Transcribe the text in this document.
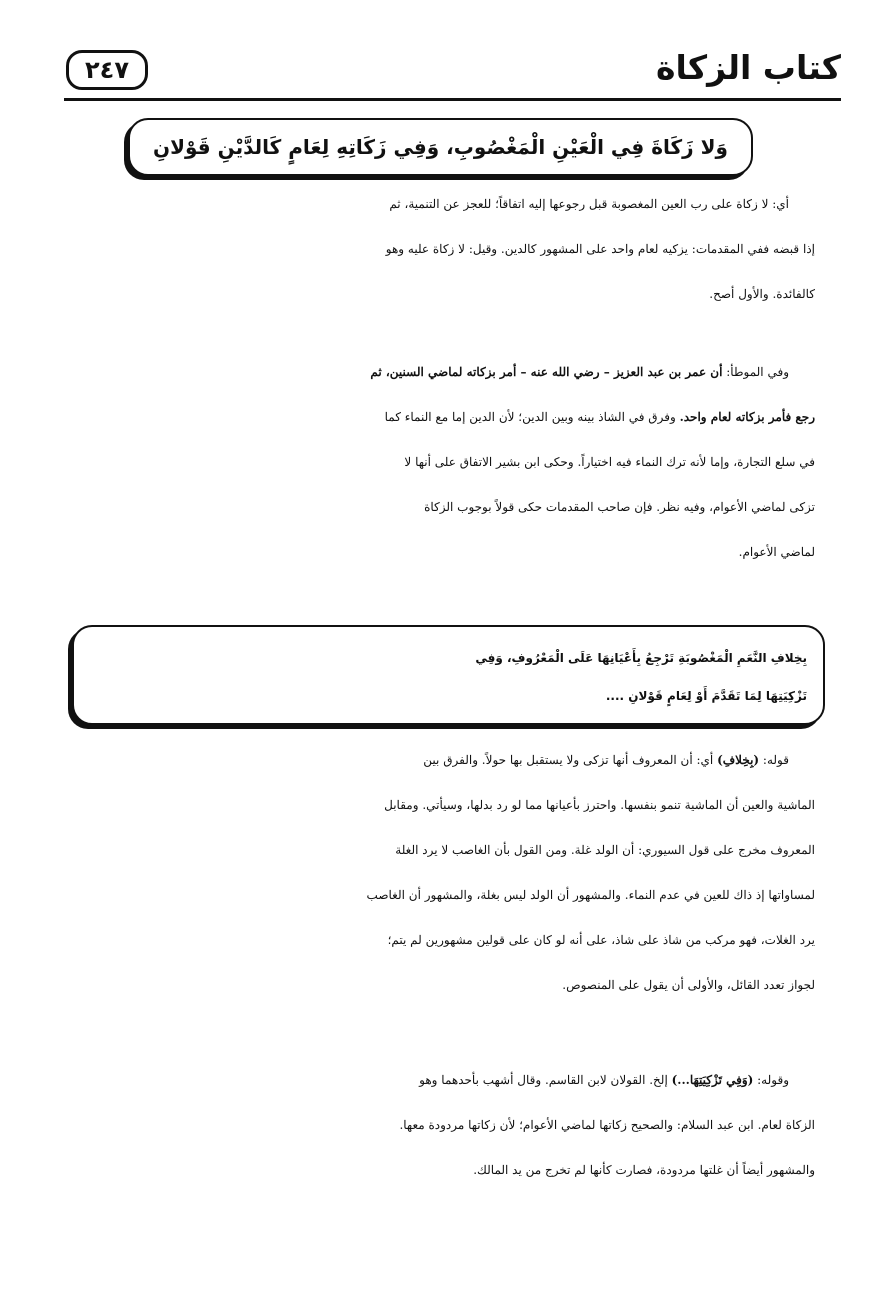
كتاب الزكاة
٢٤٧
وَلا زَكَاةَ فِي الْعَيْنِ الْمَغْصُوبِ، وَفِي زَكَاتِهِ لِعَامٍ كَالدَّيْنِ قَوْلانِ

أي: لا زكاة على رب العين المغصوبة قبل رجوعها إليه اتفاقاً؛ للعجز عن التنمية، ثم
إذا قبضه ففي المقدمات: يزكيه لعام واحد على المشهور كالدين. وقيل: لا زكاة عليه وهو
كالفائدة. والأول أصح.

وفي الموطأ: أن عمر بن عبد العزيز – رضي الله عنه – أمر بزكاته لماضي السنين، ثم
رجع فأمر بزكاته لعام واحد. وفرق في الشاذ بينه وبين الدين؛ لأن الدين إما مع النماء كما
في سلع التجارة، وإما لأنه ترك النماء فيه اختياراً. وحكى ابن بشير الاتفاق على أنها لا
تزكى لماضي الأعوام، وفيه نظر. فإن صاحب المقدمات حكى قولاً بوجوب الزكاة
لماضي الأعوام.

بِخِلافِ النَّعَمِ الْمَغْصُوبَةِ تَرْجِعُ بِأَعْيَانِهَا عَلَى الْمَعْرُوفِ، وَفِي
تَزْكِيَتِهَا لِمَا تَقَدَّمَ أَوْ لِعَامٍ قَوْلانِ ....

قوله: (بِخِلافِ) أي: أن المعروف أنها تزكى ولا يستقبل بها حولاً. والفرق بين
الماشية والعين أن الماشية تنمو بنفسها. واحترز بأعيانها مما لو رد بدلها، وسيأتي. ومقابل
المعروف مخرج على قول السيوري: أن الولد غلة. ومن القول بأن الغاصب لا يرد الغلة
لمساواتها إذ ذاك للعين في عدم النماء. والمشهور أن الولد ليس بغلة، والمشهور أن الغاصب
يرد الغلات، فهو مركب من شاذ على شاذ، على أنه لو كان على قولين مشهورين لم يتم؛
لجواز تعدد القائل، والأولى أن يقول على المنصوص.

وقوله: (وَفِي تَزْكِيَتِهَا...) إلخ. القولان لابن القاسم. وقال أشهب بأحدهما وهو
الزكاة لعام. ابن عبد السلام: والصحيح زكاتها لماضي الأعوام؛ لأن زكاتها مردودة معها.
والمشهور أيضاً أن غلتها مردودة، فصارت كأنها لم تخرج من يد المالك.
